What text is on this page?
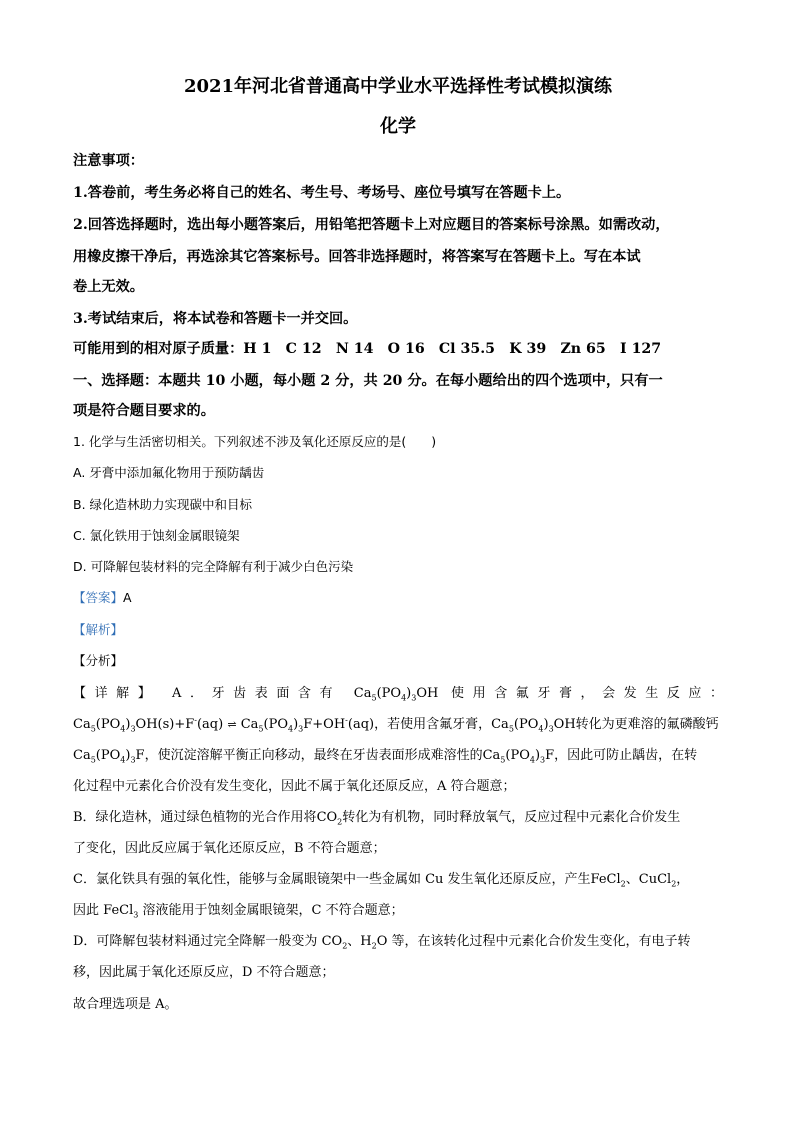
2021年河北省普通高中学业水平选择性考试模拟演练
化学
注意事项：
1.答卷前，考生务必将自己的姓名、考生号、考场号、座位号填写在答题卡上。
2.回答选择题时，选出每小题答案后，用铅笔把答题卡上对应题目的答案标号涂黑。如需改动，
用橡皮擦干净后，再选涂其它答案标号。回答非选择题时，将答案写在答题卡上。写在本试
卷上无效。
3.考试结束后，将本试卷和答题卡一并交回。
可能用到的相对原子质量：H 1　C 12　N 14　O 16　Cl 35.5　K 39　Zn 65　I 127
一、选择题：本题共 10 小题，每小题 2 分，共 20 分。在每小题给出的四个选项中，只有一
项是符合题目要求的。
1. 化学与生活密切相关。下列叙述不涉及氧化还原反应的是(　　)
A. 牙膏中添加氟化物用于预防龋齿
B. 绿化造林助力实现碳中和目标
C. 氯化铁用于蚀刻金属眼镜架
D. 可降解包装材料的完全降解有利于减少白色污染
【答案】A
【解析】
【分析】
【详解】 A．牙齿表面含有 $Ca_5(PO_4)_3OH$ 使用含氟牙膏，会发生反应：
$Ca_5(PO_4)_3OH(s)+F^-(aq)$ ⇌ $Ca_5(PO_4)_3F+OH^-(aq)$，若使用含氟牙膏，$Ca_5(PO_4)_3OH$转化为更难溶的氟磷酸钙
$Ca_5(PO_4)_3F$，使沉淀溶解平衡正向移动，最终在牙齿表面形成难溶性的$Ca_5(PO_4)_3F$，因此可防止龋齿，在转
化过程中元素化合价没有发生变化，因此不属于氧化还原反应，A 符合题意；
B．绿化造林，通过绿色植物的光合作用将$CO_2$转化为有机物，同时释放氧气，反应过程中元素化合价发生
了变化，因此反应属于氧化还原反应，B 不符合题意；
C．氯化铁具有强的氧化性，能够与金属眼镜架中一些金属如 Cu 发生氧化还原反应，产生FeCl$_2$、CuCl$_2$，
因此 FeCl$_3$ 溶液能用于蚀刻金属眼镜架，C 不符合题意；
D．可降解包装材料通过完全降解一般变为 $CO_2$、$H_2O$ 等，在该转化过程中元素化合价发生变化，有电子转
移，因此属于氧化还原反应，D 不符合题意；
故合理选项是 A。
